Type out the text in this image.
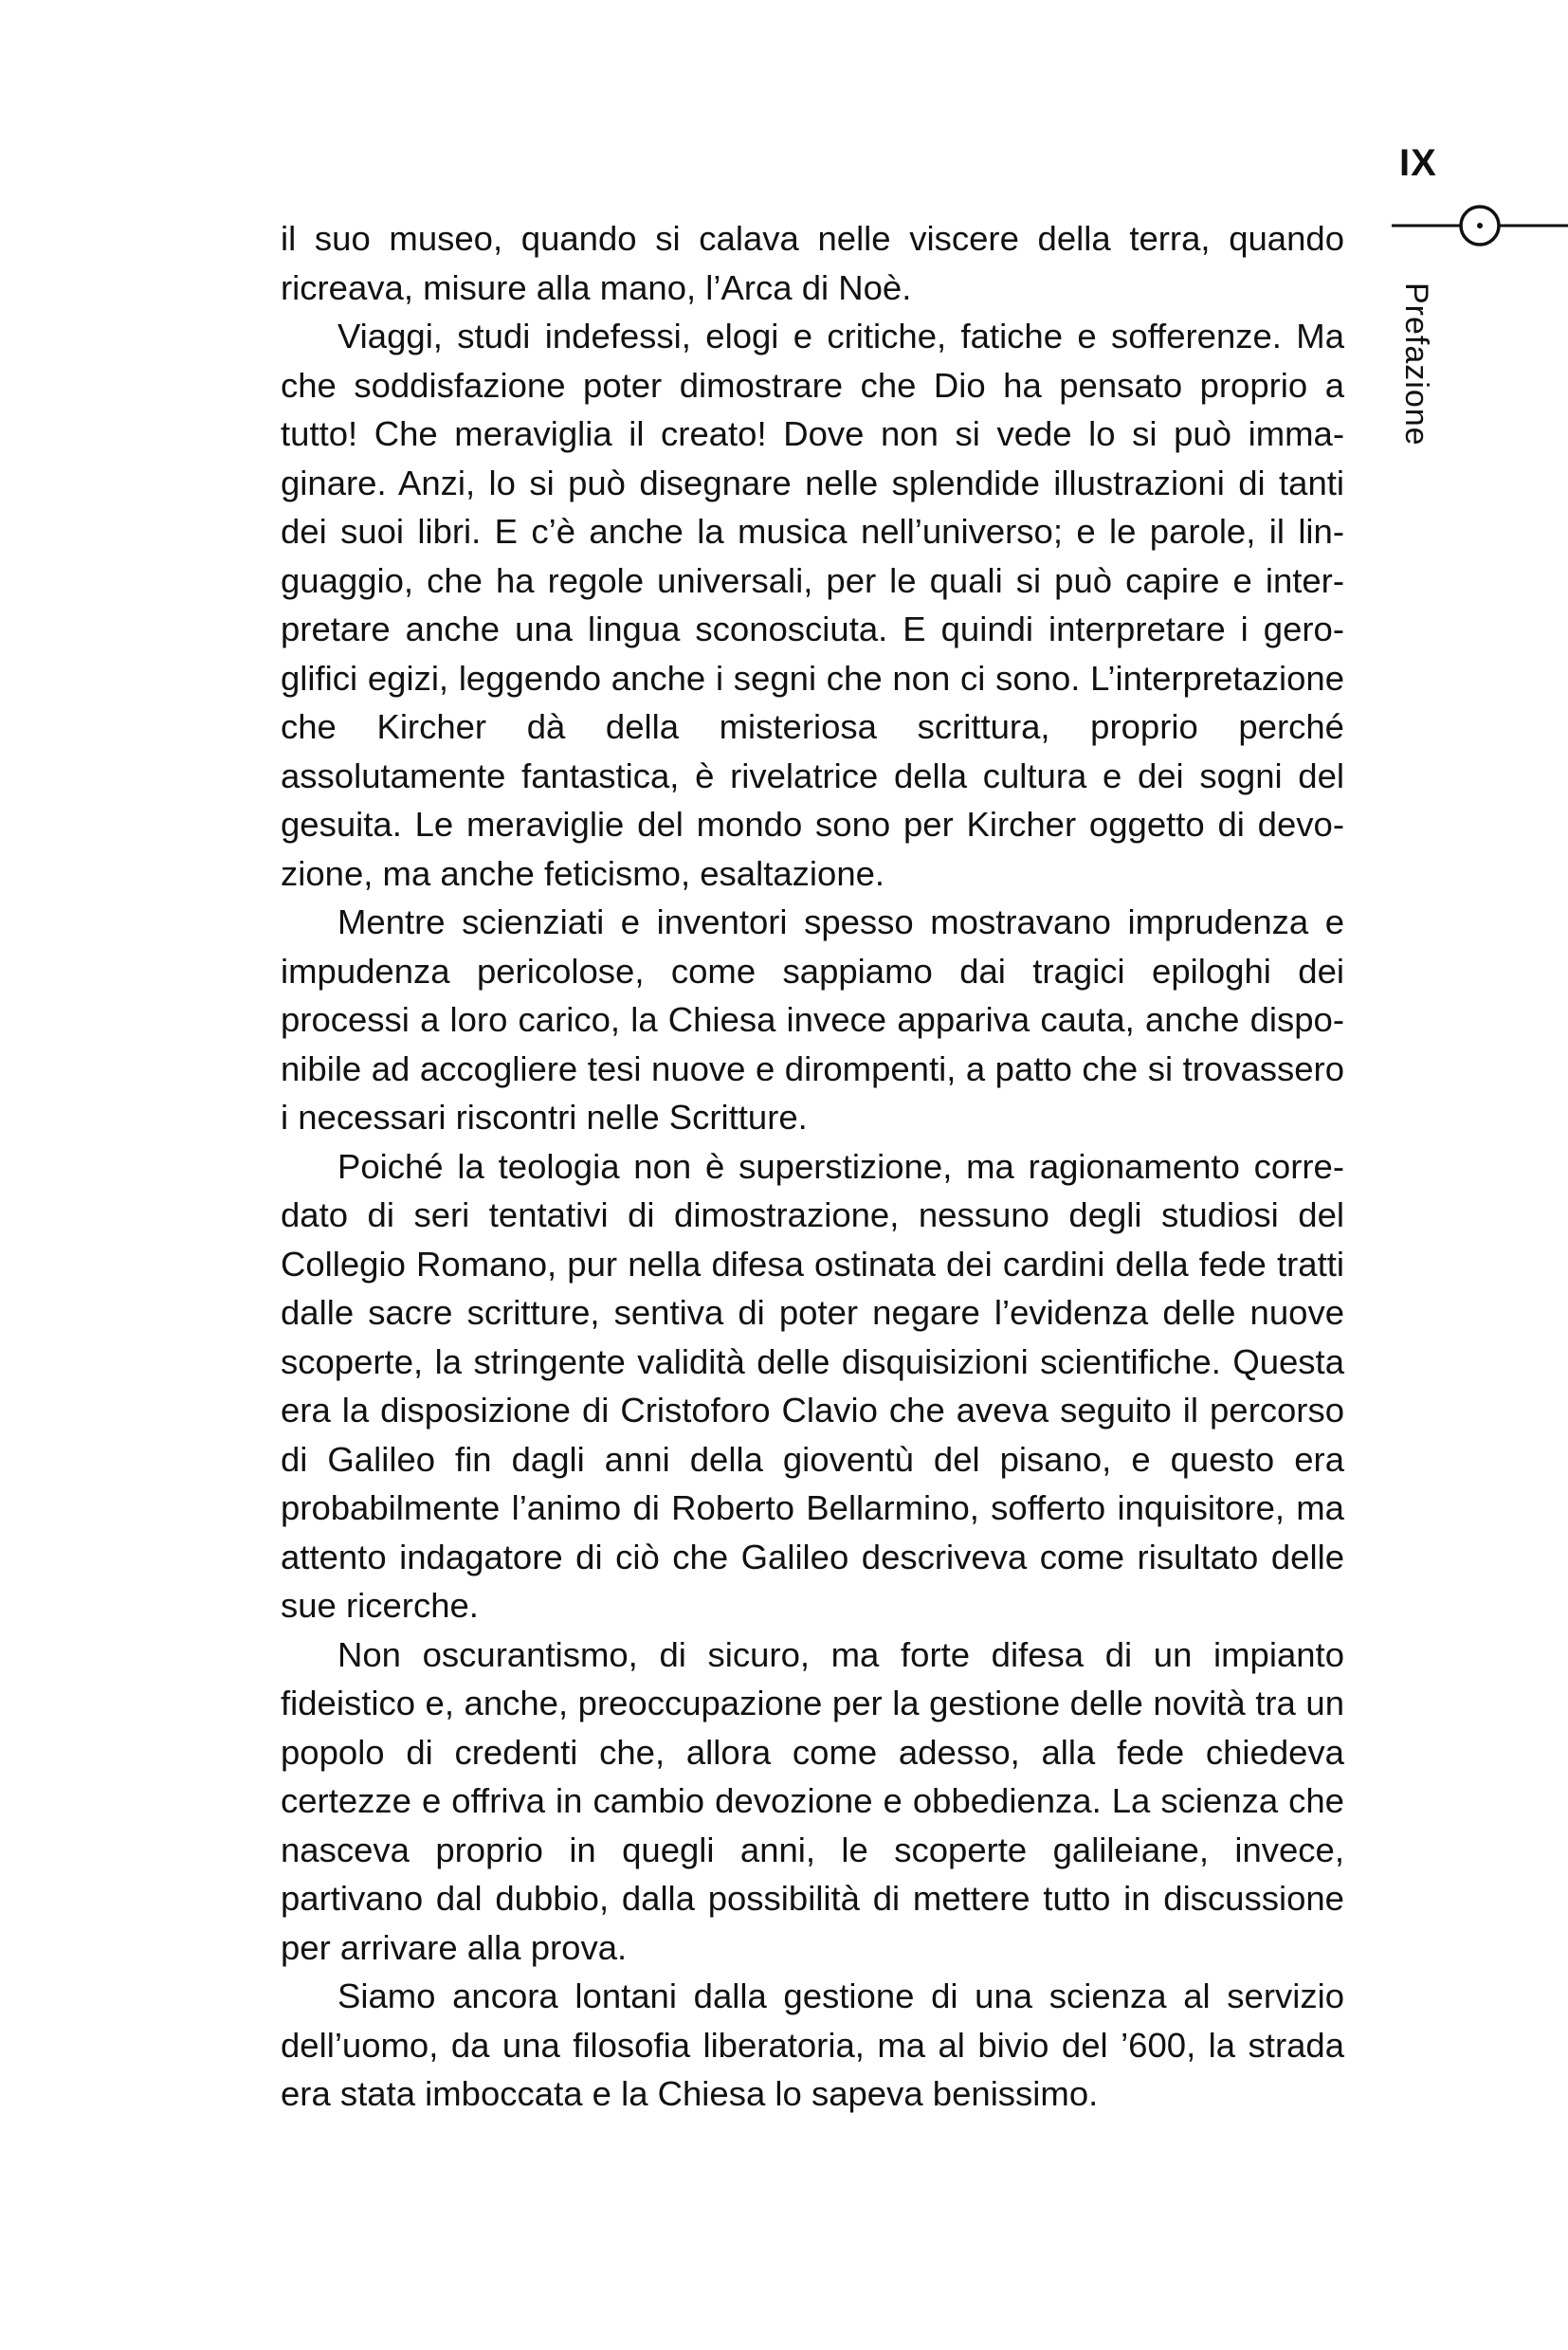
IX
Prefazione

il suo museo, quando si calava nelle viscere della terra, quando ricreava, misure alla mano, l’Arca di Noè.

Viaggi, studi indefessi, elogi e critiche, fatiche e sofferenze. Ma che soddisfazione poter dimostrare che Dio ha pensato proprio a tutto! Che meraviglia il creato! Dove non si vede lo si può immaginare. Anzi, lo si può disegnare nelle splendide illustrazioni di tanti dei suoi libri. E c’è anche la musica nell’universo; e le parole, il linguaggio, che ha regole universali, per le quali si può capire e interpretare anche una lingua sconosciuta. E quindi interpretare i geroglifici egizi, leggendo anche i segni che non ci sono. L’interpretazione che Kircher dà della misteriosa scrittura, proprio perché assolutamente fantastica, è rivelatrice della cultura e dei sogni del gesuita. Le meraviglie del mondo sono per Kircher oggetto di devozione, ma anche feticismo, esaltazione.

Mentre scienziati e inventori spesso mostravano imprudenza e impudenza pericolose, come sappiamo dai tragici epiloghi dei processi a loro carico, la Chiesa invece appariva cauta, anche disponibile ad accogliere tesi nuove e dirompenti, a patto che si trovassero i necessari riscontri nelle Scritture.

Poiché la teologia non è superstizione, ma ragionamento corredato di seri tentativi di dimostrazione, nessuno degli studiosi del Collegio Romano, pur nella difesa ostinata dei cardini della fede tratti dalle sacre scritture, sentiva di poter negare l’evidenza delle nuove scoperte, la stringente validità delle disquisizioni scientifiche. Questa era la disposizione di Cristoforo Clavio che aveva seguito il percorso di Galileo fin dagli anni della gioventù del pisano, e questo era probabilmente l’animo di Roberto Bellarmino, sofferto inquisitore, ma attento indagatore di ciò che Galileo descriveva come risultato delle sue ricerche.

Non oscurantismo, di sicuro, ma forte difesa di un impianto fideistico e, anche, preoccupazione per la gestione delle novità tra un popolo di credenti che, allora come adesso, alla fede chiedeva certezze e offriva in cambio devozione e obbedienza. La scienza che nasceva proprio in quegli anni, le scoperte galileiane, invece, partivano dal dubbio, dalla possibilità di mettere tutto in discussione per arrivare alla prova.

Siamo ancora lontani dalla gestione di una scienza al servizio dell’uomo, da una filosofia liberatoria, ma al bivio del ’600, la strada era stata imboccata e la Chiesa lo sapeva benissimo.
